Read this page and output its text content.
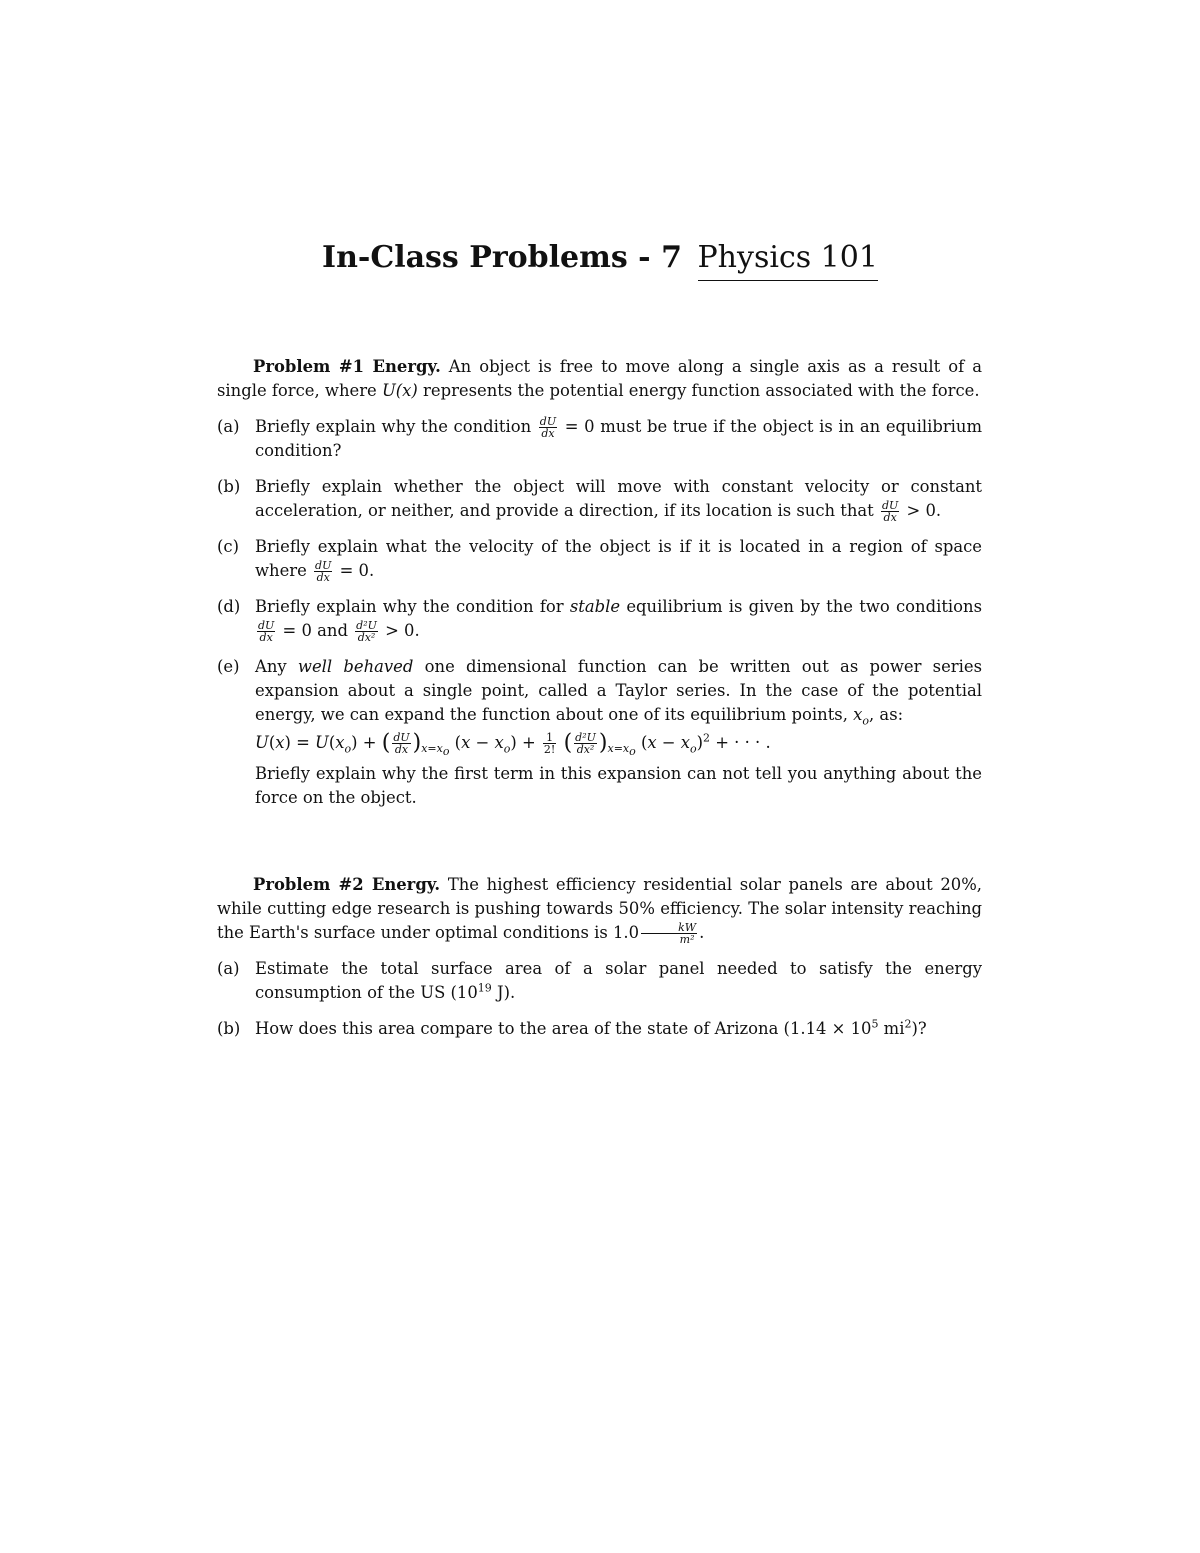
In-Class Problems - 7 Physics 101
Problem #1 Energy. An object is free to move along a single axis as a result of a single force, where U(x) represents the potential energy function associated with the force.
(a) Briefly explain why the condition $\frac{dU}{dx} = 0$ must be true if the object is in an equilibrium condition?
(b) Briefly explain whether the object will move with constant velocity or constant acceleration, or neither, and provide a direction, if its location is such that $\frac{dU}{dx} > 0$.
(c) Briefly explain what the velocity of the object is if it is located in a region of space where $\frac{dU}{dx} = 0$.
(d) Briefly explain why the condition for stable equilibrium is given by the two conditions
$\frac{dU}{dx} = 0$ and $\frac{\text{d²U}}{\text{dx²}} > 0$.
(e) Any well behaved one dimensional function can be written out as power series expansion about a single point, called a Taylor series. In the case of the potential energy, we can expand the function about one of its equilibrium points, $x_o$, as:
$U(x) = U(x_o)$ + ( $\frac{dU}{dx} )_{x=x_o}$ $(x - x_o) + \frac{1}{2!}$ ( $\frac{\text{d²U}}{\text{dx²}} )_{x=x_o}$ $(x - x_o)^2$ + · · · .
Briefly explain why the first term in this expansion can not tell you anything about the force on the object.
Problem #2 Energy. The highest efficiency residential solar panels are about 20%, while cutting edge research is pushing towards 50% efficiency. The solar intensity reaching the Earth's surface under optimal conditions is $1.0 \frac{kW}{\text{m²}}$ .
(a) Estimate the total surface area of a solar panel needed to satisfy the energy consumption of the US ($10^{19}$ J).
(b) How does this area compare to the area of the state of Arizona ($1.14 \times 10^5$ $mi^2$)?
